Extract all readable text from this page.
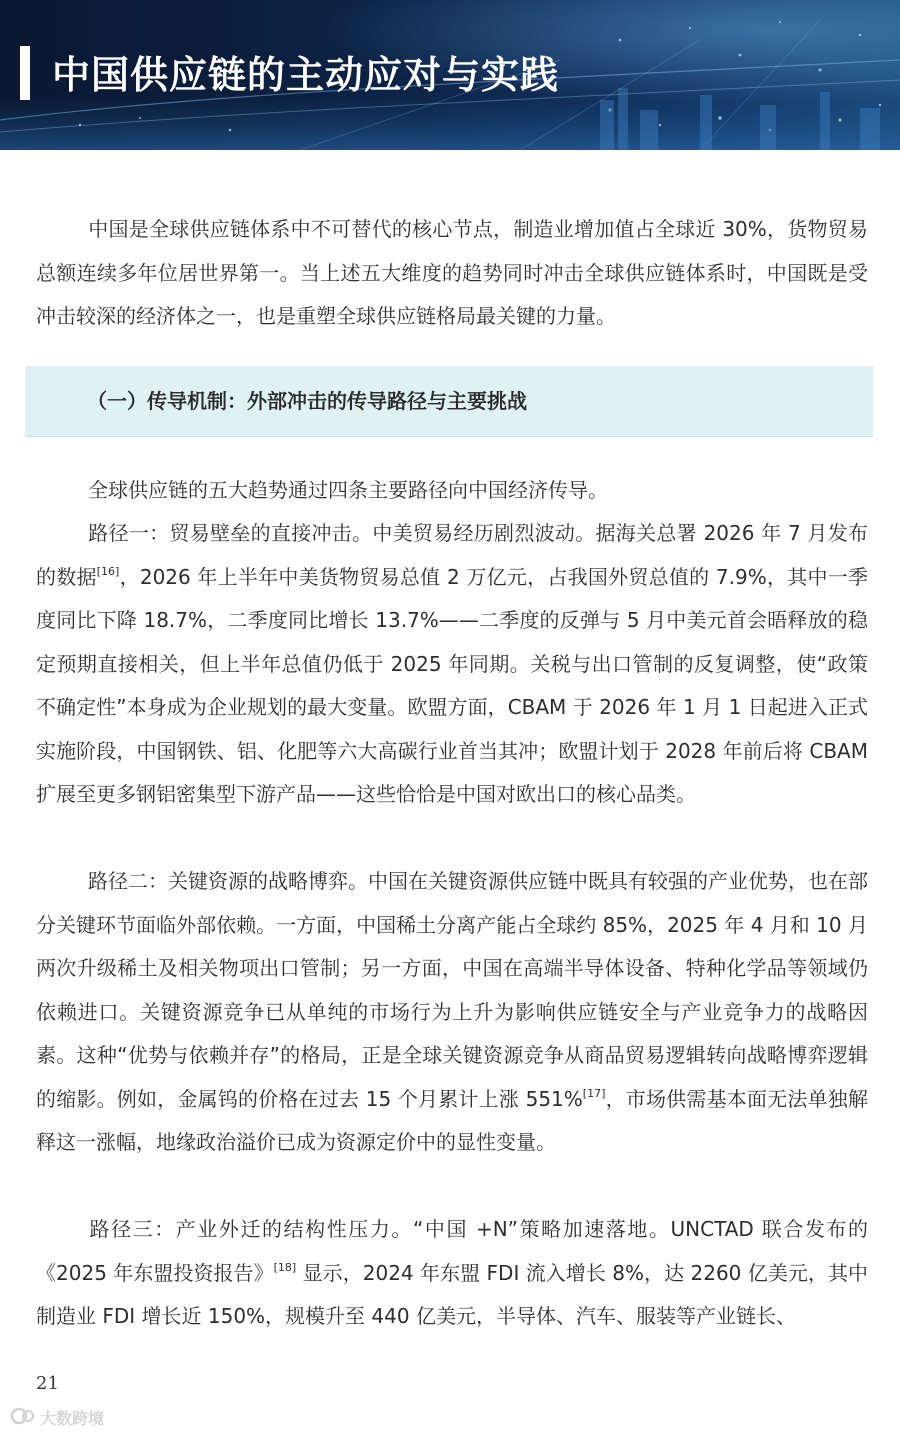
中国供应链的主动应对与实践

中国是全球供应链体系中不可替代的核心节点，制造业增加值占全球近 30%，货物贸易总额连续多年位居世界第一。当上述五大维度的趋势同时冲击全球供应链体系时，中国既是受冲击较深的经济体之一，也是重塑全球供应链格局最关键的力量。

（一）传导机制：外部冲击的传导路径与主要挑战

全球供应链的五大趋势通过四条主要路径向中国经济传导。

路径一：贸易壁垒的直接冲击。中美贸易经历剧烈波动。据海关总署 2026 年 7 月发布的数据[16]，2026 年上半年中美货物贸易总值 2 万亿元，占我国外贸总值的 7.9%，其中一季度同比下降 18.7%，二季度同比增长 13.7%——二季度的反弹与 5 月中美元首会晤释放的稳定预期直接相关，但上半年总值仍低于 2025 年同期。关税与出口管制的反复调整，使“政策不确定性”本身成为企业规划的最大变量。欧盟方面，CBAM 于 2026 年 1 月 1 日起进入正式实施阶段，中国钢铁、铝、化肥等六大高碳行业首当其冲；欧盟计划于 2028 年前后将 CBAM 扩展至更多钢铝密集型下游产品——这些恰恰是中国对欧出口的核心品类。

路径二：关键资源的战略博弈。中国在关键资源供应链中既具有较强的产业优势，也在部分关键环节面临外部依赖。一方面，中国稀土分离产能占全球约 85%，2025 年 4 月和 10 月两次升级稀土及相关物项出口管制；另一方面，中国在高端半导体设备、特种化学品等领域仍依赖进口。关键资源竞争已从单纯的市场行为上升为影响供应链安全与产业竞争力的战略因素。这种“优势与依赖并存”的格局，正是全球关键资源竞争从商品贸易逻辑转向战略博弈逻辑的缩影。例如，金属钨的价格在过去 15 个月累计上涨 551%[17]，市场供需基本面无法单独解释这一涨幅，地缘政治溢价已成为资源定价中的显性变量。

路径三：产业外迁的结构性压力。“中国 +N”策略加速落地。UNCTAD 联合发布的《2025 年东盟投资报告》[18] 显示，2024 年东盟 FDI 流入增长 8%，达 2260 亿美元，其中制造业 FDI 增长近 150%，规模升至 440 亿美元，半导体、汽车、服装等产业链长、

21
大数跨境
